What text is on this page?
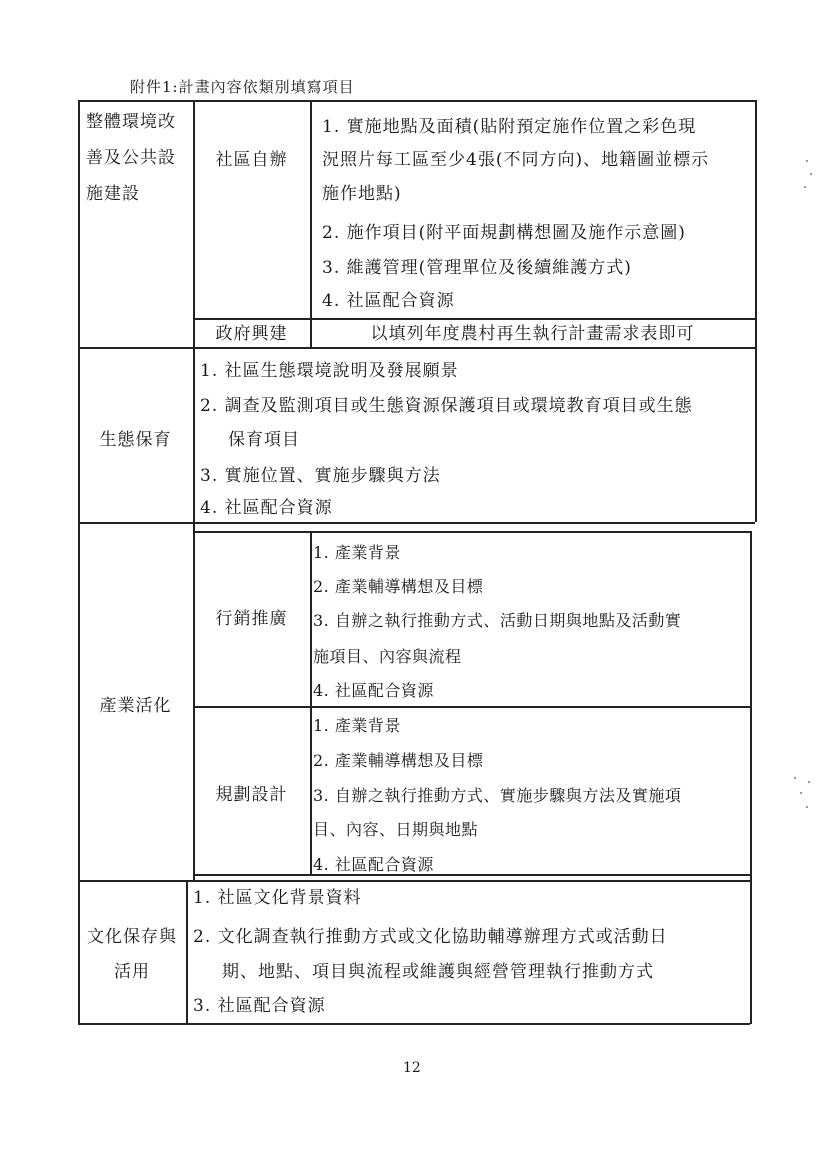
附件1:計畫內容依類別填寫項目
整體環境改
善及公共設
施建設
社區自辦
1. 實施地點及面積(貼附預定施作位置之彩色現
況照片每工區至少4張(不同方向)、地籍圖並標示
施作地點)
2. 施作項目(附平面規劃構想圖及施作示意圖)
3. 維護管理(管理單位及後續維護方式)
4. 社區配合資源
政府興建	以填列年度農村再生執行計畫需求表即可
生態保育
1. 社區生態環境說明及發展願景
2. 調查及監測項目或生態資源保護項目或環境教育項目或生態
保育項目
3. 實施位置、實施步驟與方法
4. 社區配合資源
產業活化
行銷推廣
1. 產業背景
2. 產業輔導構想及目標
3. 自辦之執行推動方式、活動日期與地點及活動實
施項目、內容與流程
4. 社區配合資源
規劃設計
1. 產業背景
2. 產業輔導構想及目標
3. 自辦之執行推動方式、實施步驟與方法及實施項
目、內容、日期與地點
4. 社區配合資源
文化保存與
活用
1. 社區文化背景資料
2. 文化調查執行推動方式或文化協助輔導辦理方式或活動日
期、地點、項目與流程或維護與經營管理執行推動方式
3. 社區配合資源
12
